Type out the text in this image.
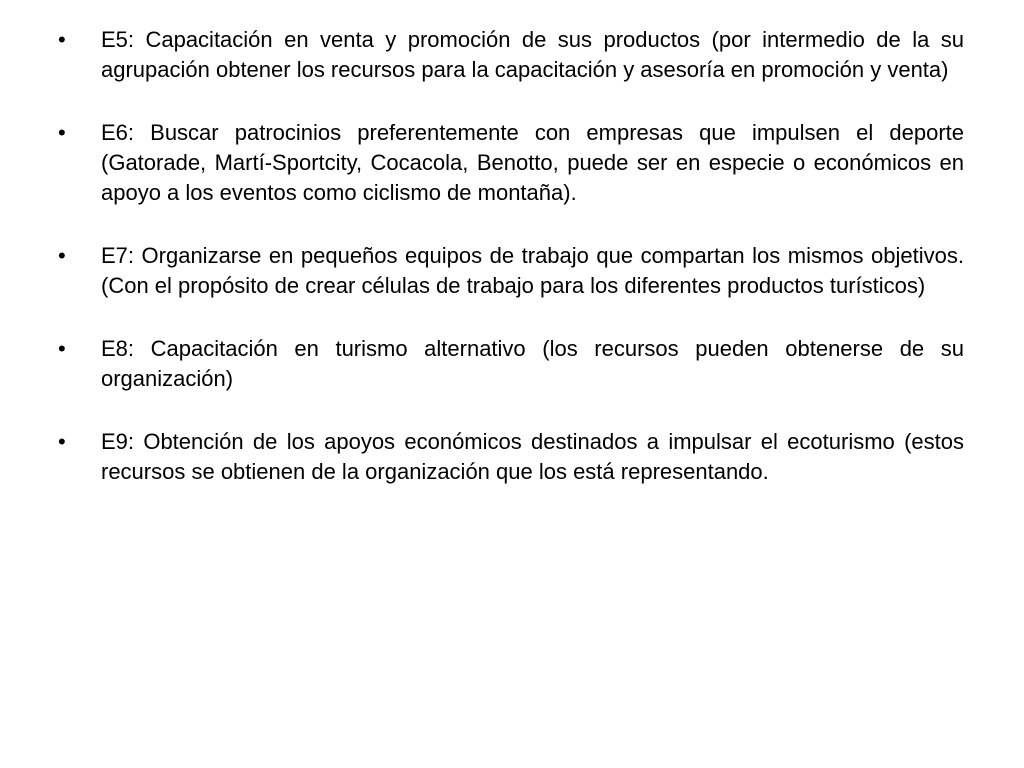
• E5: Capacitación en venta y promoción de sus productos (por intermedio de la su agrupación obtener los recursos para la capacitación y asesoría en promoción y venta)
• E6: Buscar patrocinios preferentemente con empresas que impulsen el deporte (Gatorade, Martí-Sportcity, Cocacola, Benotto, puede ser en especie o económicos en apoyo a los eventos como ciclismo de montaña).
• E7: Organizarse en pequeños equipos de trabajo que compartan los mismos objetivos.(Con el propósito de crear células de trabajo para los diferentes productos turísticos)
• E8: Capacitación en turismo alternativo (los recursos pueden obtenerse de su organización)
• E9: Obtención de los apoyos económicos destinados a impulsar el ecoturismo (estos recursos se obtienen de la organización que los está representando.
